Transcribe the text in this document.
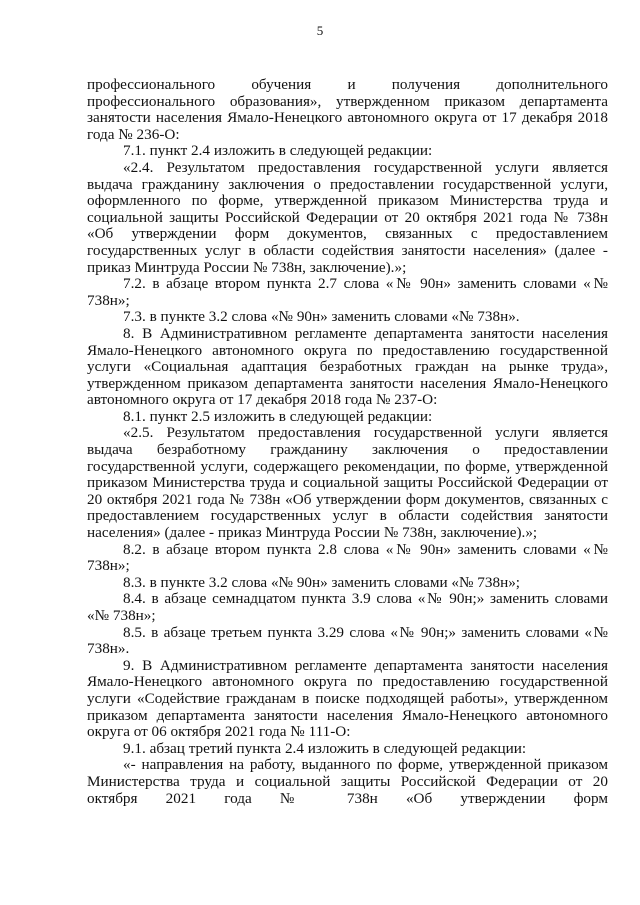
5

профессионального обучения и получения дополнительного профессионального образования», утвержденном приказом департамента занятости населения Ямало-Ненецкого автономного округа от 17 декабря 2018 года № 236-О:

7.1. пункт 2.4 изложить в следующей редакции:

«2.4. Результатом предоставления государственной услуги является выдача гражданину заключения о предоставлении государственной услуги, оформленного по форме, утвержденной приказом Министерства труда и социальной защиты Российской Федерации от 20 октября 2021 года № 738н «Об утверждении форм документов, связанных с предоставлением государственных услуг в области содействия занятости населения» (далее - приказ Минтруда России № 738н, заключение).»;

7.2. в абзаце втором пункта 2.7 слова «№ 90н» заменить словами «№ 738н»;

7.3. в пункте 3.2 слова «№ 90н» заменить словами «№ 738н».

8. В Административном регламенте департамента занятости населения Ямало-Ненецкого автономного округа по предоставлению государственной услуги «Социальная адаптация безработных граждан на рынке труда», утвержденном приказом департамента занятости населения Ямало-Ненецкого автономного округа от 17 декабря 2018 года № 237-О:

8.1. пункт 2.5 изложить в следующей редакции:

«2.5. Результатом предоставления государственной услуги является выдача безработному гражданину заключения о предоставлении государственной услуги, содержащего рекомендации, по форме, утвержденной приказом Министерства труда и социальной защиты Российской Федерации от 20 октября 2021 года № 738н «Об утверждении форм документов, связанных с предоставлением государственных услуг в области содействия занятости населения» (далее - приказ Минтруда России № 738н, заключение).»;

8.2. в абзаце втором пункта 2.8 слова «№ 90н» заменить словами «№ 738н»;

8.3. в пункте 3.2 слова «№ 90н» заменить словами «№ 738н»;

8.4. в абзаце семнадцатом пункта 3.9 слова «№ 90н;» заменить словами «№ 738н»;

8.5. в абзаце третьем пункта 3.29 слова «№ 90н;» заменить словами «№ 738н».

9. В Административном регламенте департамента занятости населения Ямало-Ненецкого автономного округа по предоставлению государственной услуги «Содействие гражданам в поиске подходящей работы», утвержденном приказом департамента занятости населения Ямало-Ненецкого автономного округа от 06 октября 2021 года № 111-О:

9.1. абзац третий пункта 2.4 изложить в следующей редакции:

«- направления на работу, выданного по форме, утвержденной приказом Министерства труда и социальной защиты Российской Федерации от 20 октября 2021 года № 738н «Об утверждении форм
